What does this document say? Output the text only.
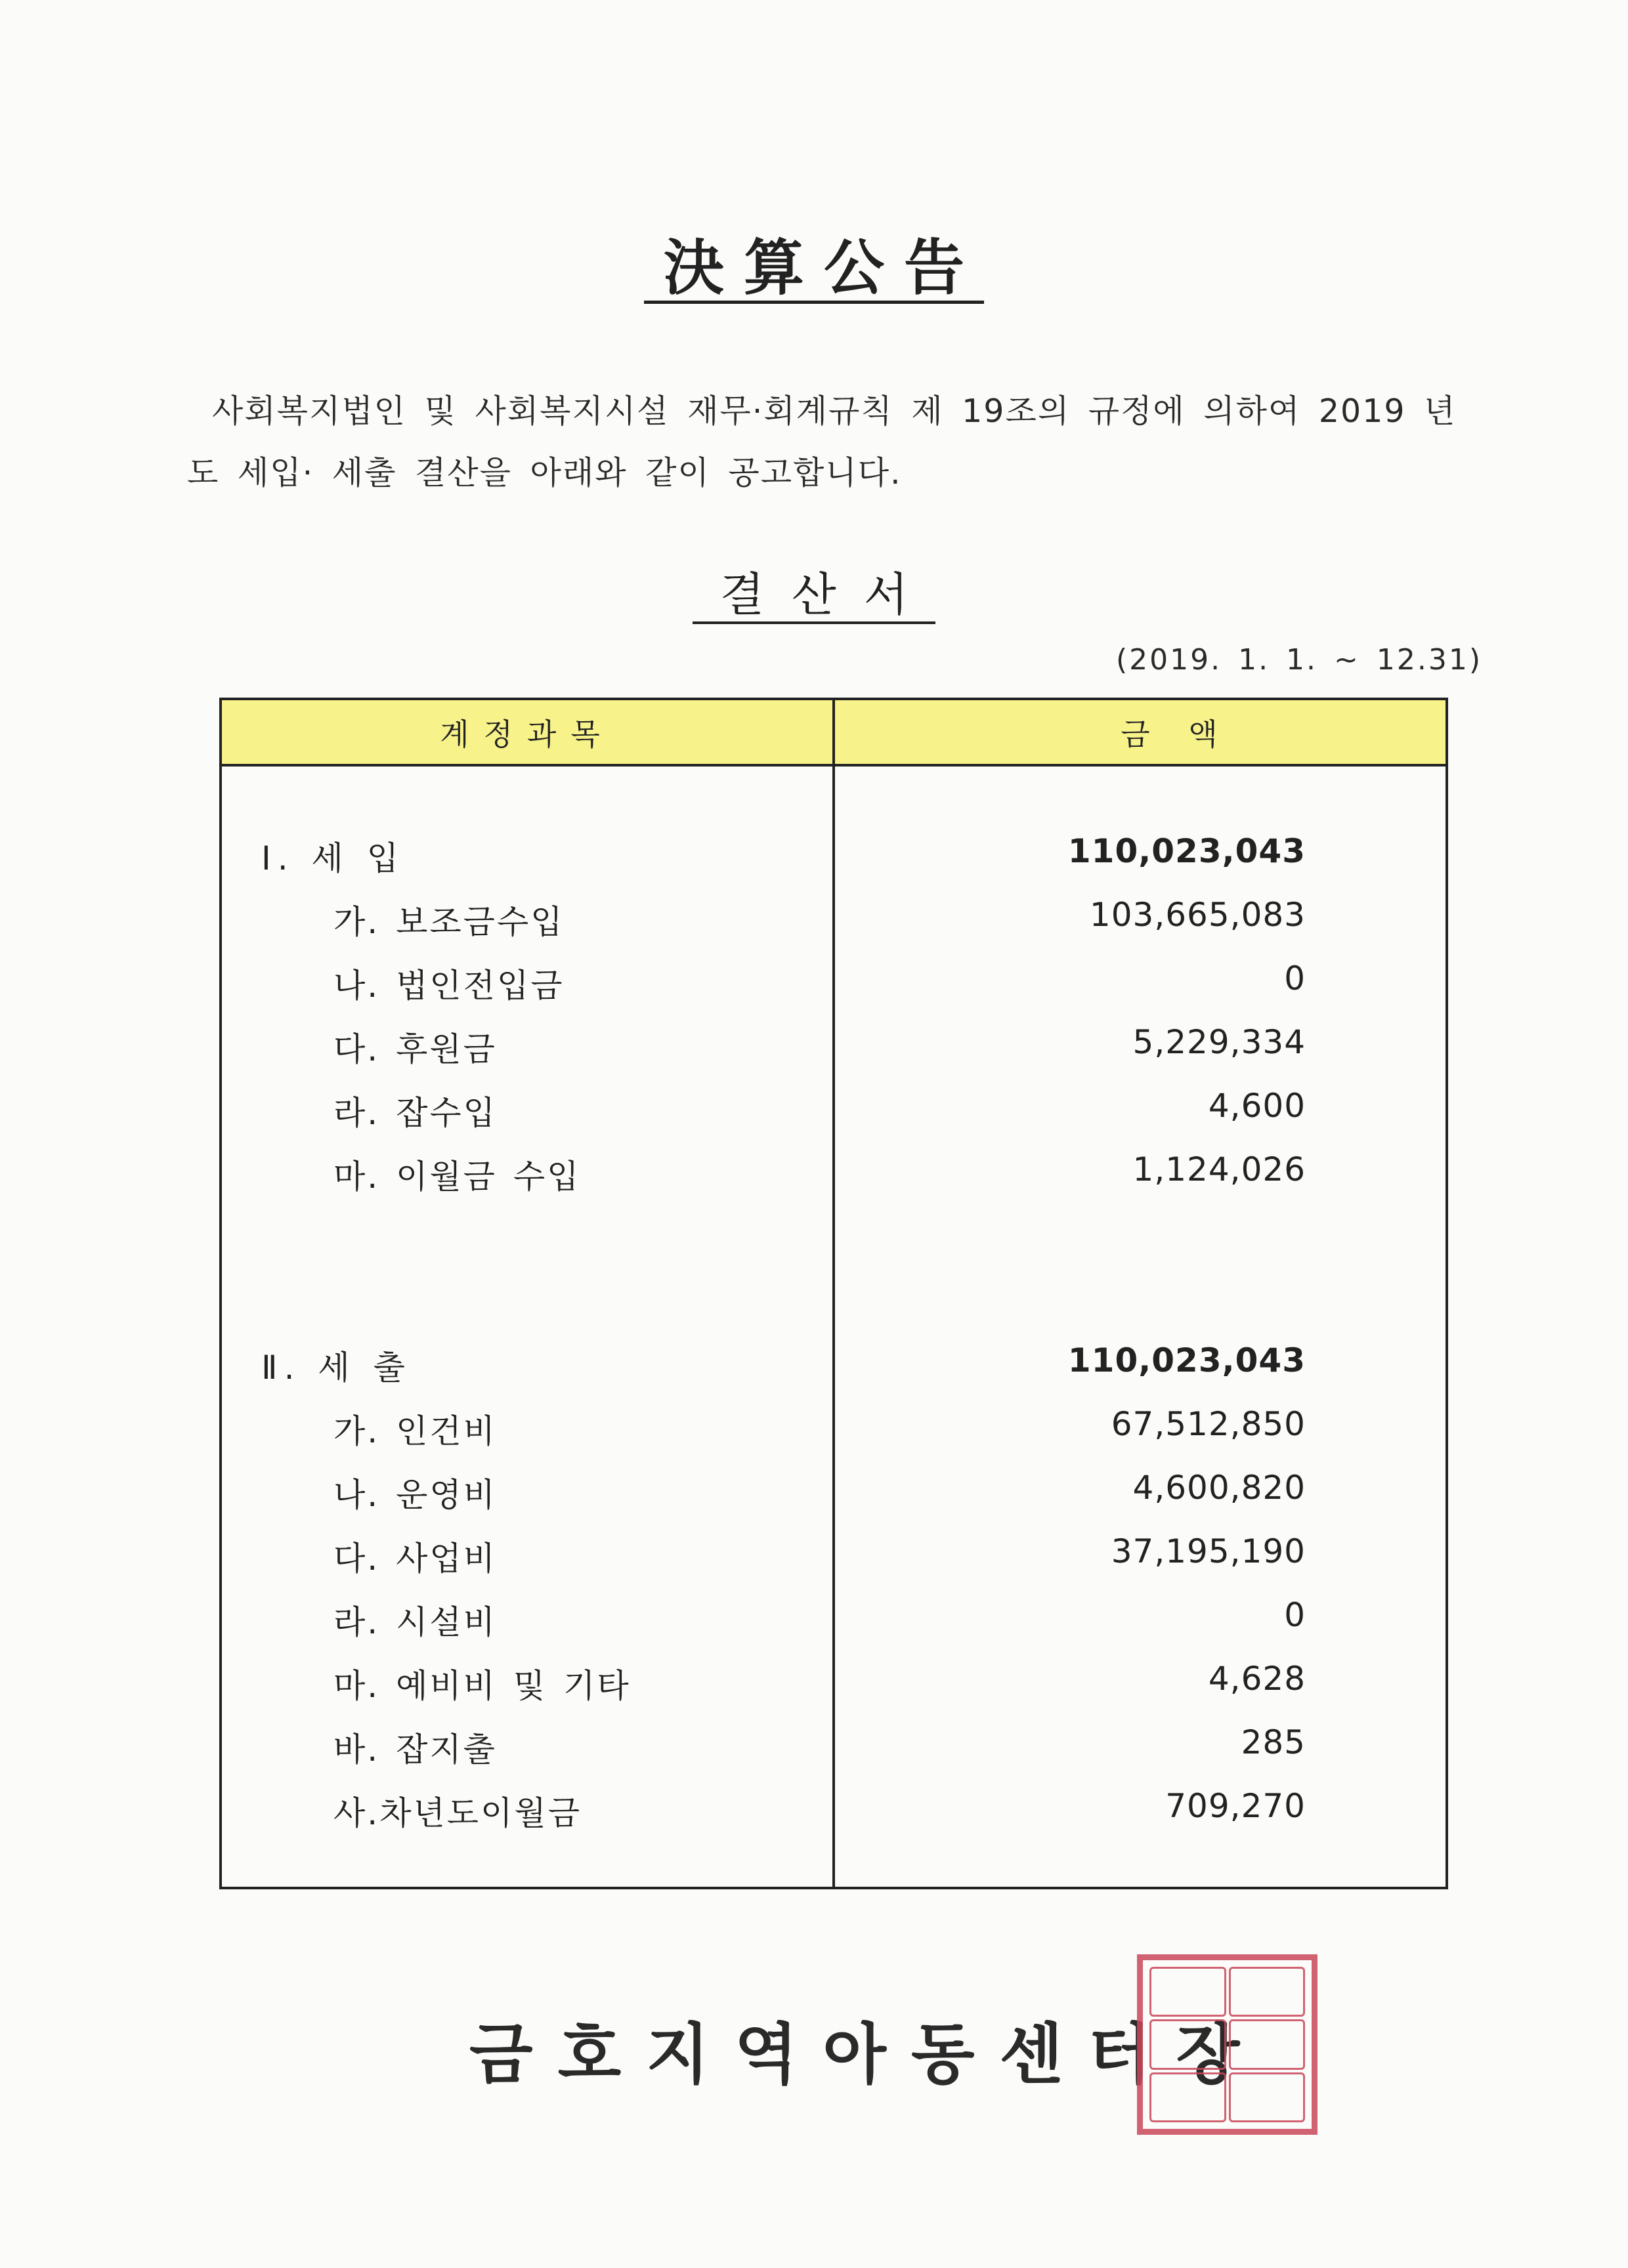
決算公告
사회복지법인 및 사회복지시설 재무·회계규칙 제 19조의 규정에 의하여 2019 년도 세입· 세출 결산을 아래와 같이 공고합니다.
결산서
(2019. 1. 1. ~ 12.31)
계정과목	금 액
Ⅰ. 세 입	110,023,043
가. 보조금수입	103,665,083
나. 법인전입금	0
다. 후원금	5,229,334
라. 잡수입	4,600
마. 이월금 수입	1,124,026
Ⅱ. 세 출	110,023,043
가. 인건비	67,512,850
나. 운영비	4,600,820
다. 사업비	37,195,190
라. 시설비	0
마. 예비비 및 기타	4,628
바. 잡지출	285
사.차년도이월금	709,270
금호지역아동센터장
